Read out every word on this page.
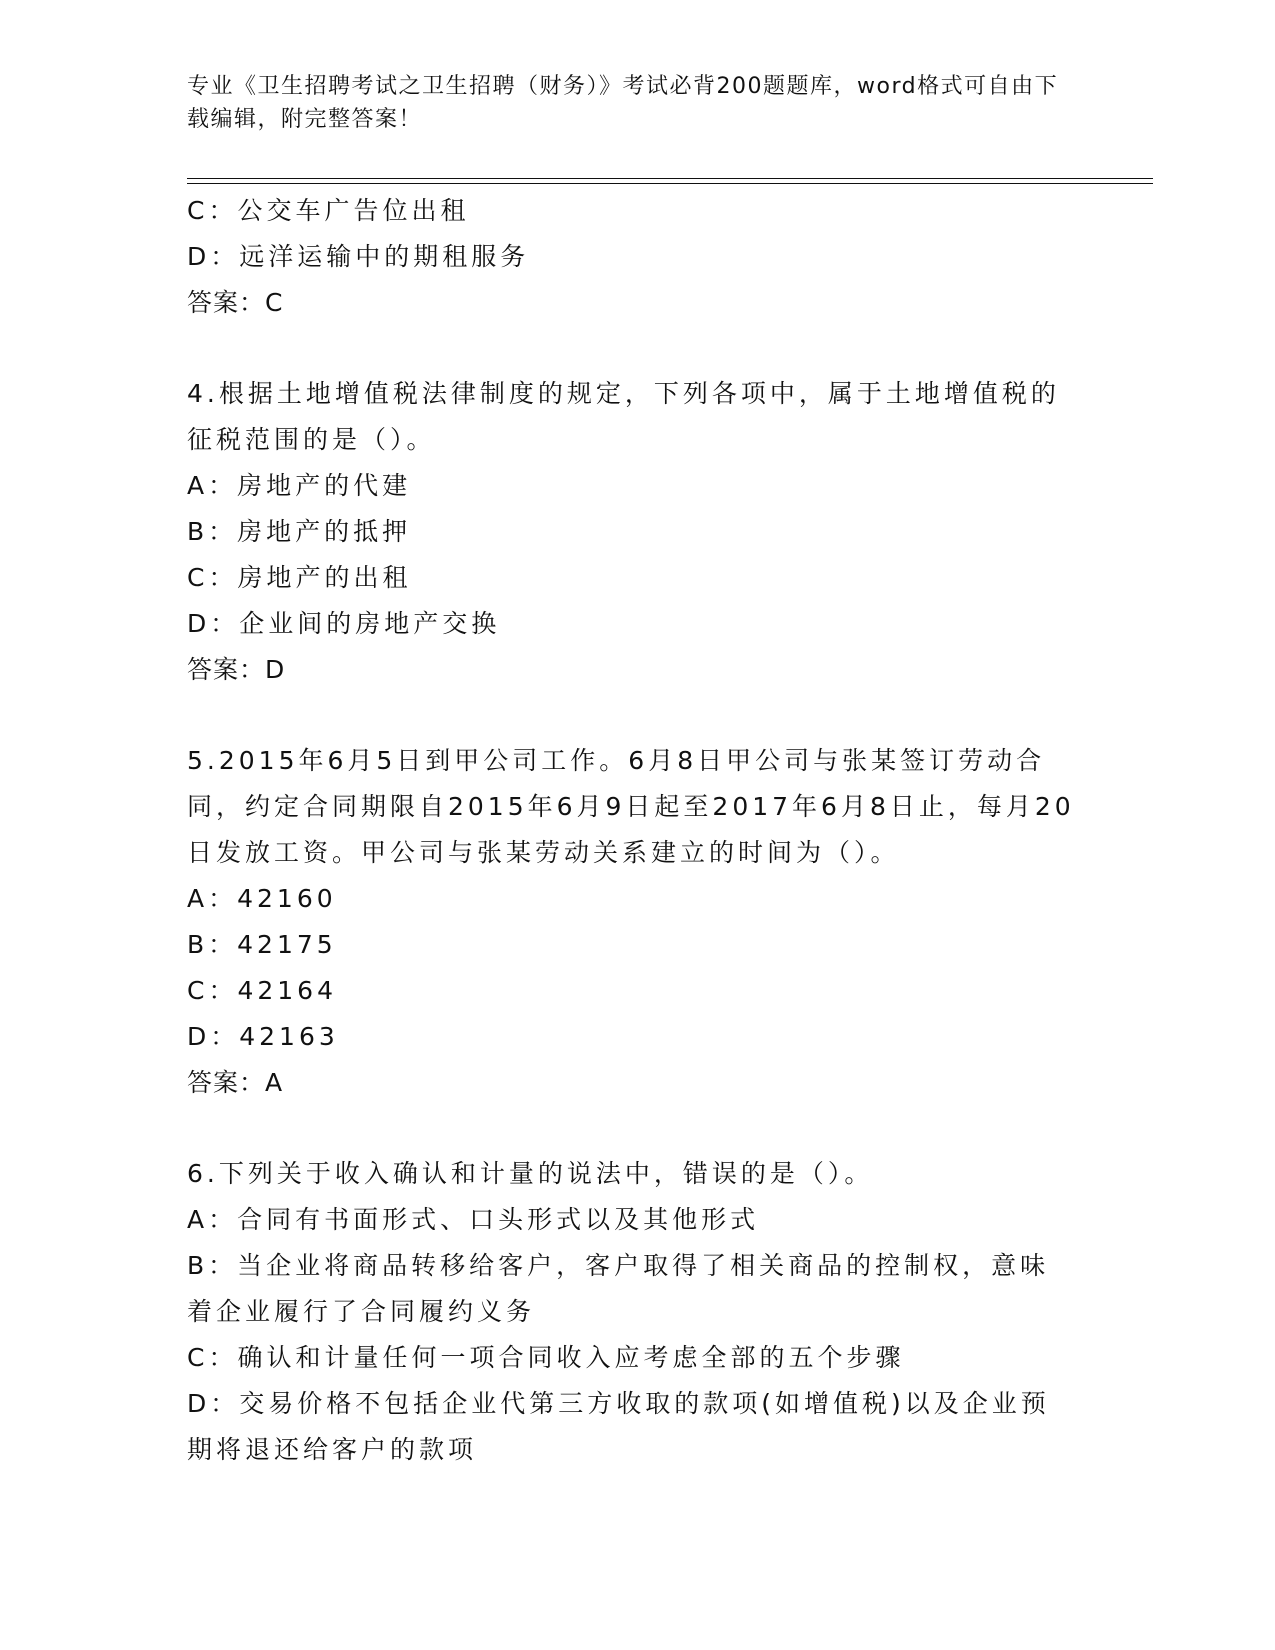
专业《卫生招聘考试之卫生招聘（财务）》考试必背200题题库，word格式可自由下载编辑，附完整答案！
C：公交车广告位出租
D：远洋运输中的期租服务
答案：C
4.根据土地增值税法律制度的规定，下列各项中，属于土地增值税的征税范围的是（）。
A：房地产的代建
B：房地产的抵押
C：房地产的出租
D：企业间的房地产交换
答案：D
5.2015年6月5日到甲公司工作。6月8日甲公司与张某签订劳动合同，约定合同期限自2015年6月9日起至2017年6月8日止，每月20日发放工资。甲公司与张某劳动关系建立的时间为（）。
A：42160
B：42175
C：42164
D：42163
答案：A
6.下列关于收入确认和计量的说法中，错误的是（）。
A：合同有书面形式、口头形式以及其他形式
B：当企业将商品转移给客户，客户取得了相关商品的控制权，意味着企业履行了合同履约义务
C：确认和计量任何一项合同收入应考虑全部的五个步骤
D：交易价格不包括企业代第三方收取的款项(如增值税)以及企业预期将退还给客户的款项
